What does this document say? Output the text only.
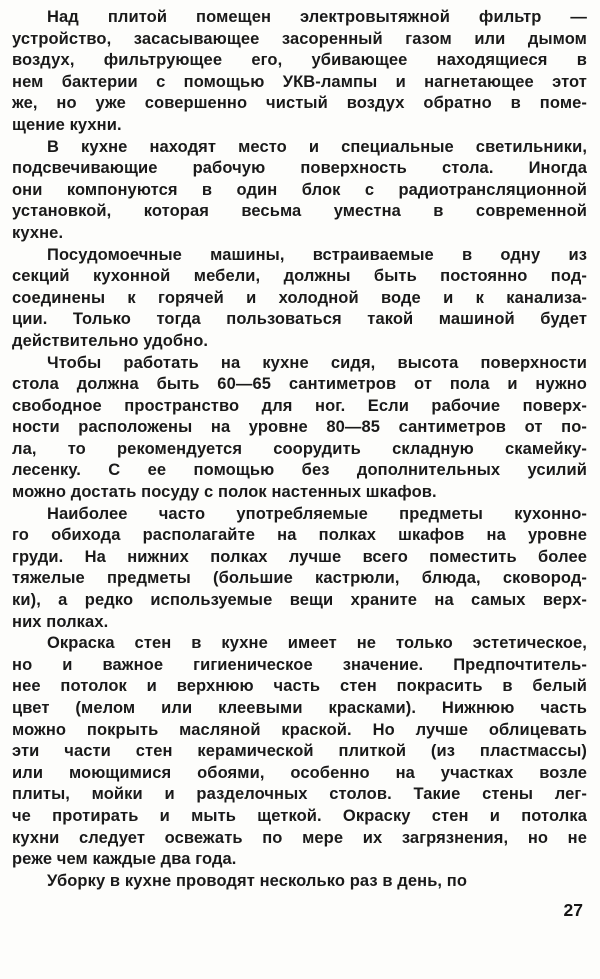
Над плитой помещен электровытяжной фильтр —
устройство, засасывающее засоренный газом или дымом
воздух, фильтрующее его, убивающее находящиеся в
нем бактерии с помощью УКВ-лампы и нагнетающее этот
же, но уже совершенно чистый воздух обратно в поме-
щение кухни.

В кухне находят место и специальные светильники,
подсвечивающие рабочую поверхность стола. Иногда
они компонуются в один блок с радиотрансляционной
установкой, которая весьма уместна в современной
кухне.

Посудомоечные машины, встраиваемые в одну из
секций кухонной мебели, должны быть постоянно под-
соединены к горячей и холодной воде и к канализа-
ции. Только тогда пользоваться такой машиной будет
действительно удобно.

Чтобы работать на кухне сидя, высота поверхности
стола должна быть 60—65 сантиметров от пола и нужно
свободное пространство для ног. Если рабочие поверх-
ности расположены на уровне 80—85 сантиметров от по-
ла, то рекомендуется соорудить складную скамейку-
лесенку. С ее помощью без дополнительных усилий
можно достать посуду с полок настенных шкафов.

Наиболее часто употребляемые предметы кухонно-
го обихода располагайте на полках шкафов на уровне
груди. На нижних полках лучше всего поместить более
тяжелые предметы (большие кастрюли, блюда, сковород-
ки), а редко используемые вещи храните на самых верх-
них полках.

Окраска стен в кухне имеет не только эстетическое,
но и важное гигиеническое значение. Предпочтитель-
нее потолок и верхнюю часть стен покрасить в белый
цвет (мелом или клеевыми красками). Нижнюю часть
можно покрыть масляной краской. Но лучше облицевать
эти части стен керамической плиткой (из пластмассы)
или моющимися обоями, особенно на участках возле
плиты, мойки и разделочных столов. Такие стены лег-
че протирать и мыть щеткой. Окраску стен и потолка
кухни следует освежать по мере их загрязнения, но не
реже чем каждые два года.

Уборку в кухне проводят несколько раз в день, по

27
